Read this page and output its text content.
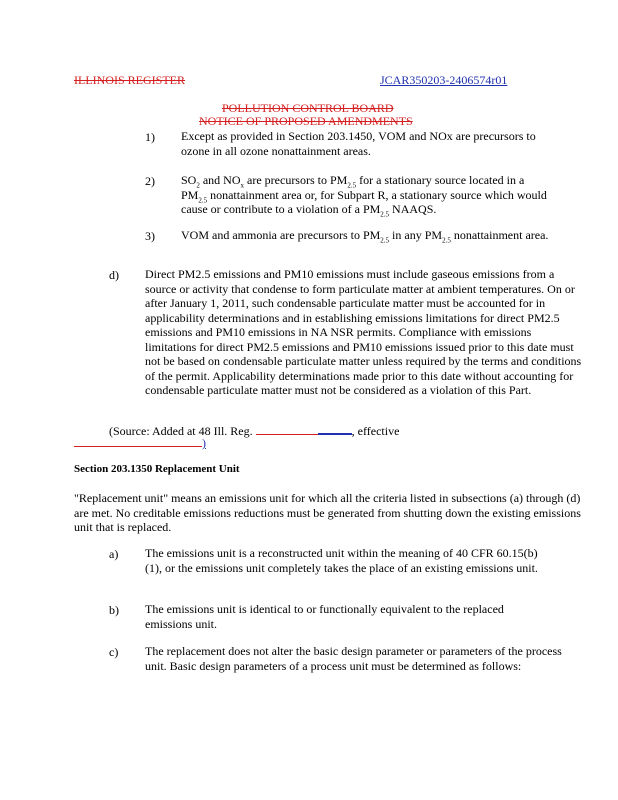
ILLINOIS REGISTER	JCAR350203-2406574r01
POLLUTION CONTROL BOARD
NOTICE OF PROPOSED AMENDMENTS
1) Except as provided in Section 203.1450, VOM and NOx are precursors to ozone in all ozone nonattainment areas.
2) $SO_2$ and $NO_x$ are precursors to $PM_{2.5}$ for a stationary source located in a $PM_{2.5}$ nonattainment area or, for Subpart R, a stationary source which would cause or contribute to a violation of a $PM_{2.5}$ NAAQS.
3) VOM and ammonia are precursors to $PM_{2.5}$ in any $PM_{2.5}$ nonattainment area.
d) Direct PM2.5 emissions and PM10 emissions must include gaseous emissions from a source or activity that condense to form particulate matter at ambient temperatures. On or after January 1, 2011, such condensable particulate matter must be accounted for in applicability determinations and in establishing emissions limitations for direct PM2.5 emissions and PM10 emissions in NA NSR permits. Compliance with emissions limitations for direct PM2.5 emissions and PM10 emissions issued prior to this date must not be based on condensable particulate matter unless required by the terms and conditions of the permit. Applicability determinations made prior to this date without accounting for condensable particulate matter must not be considered as a violation of this Part.
(Source: Added at 48 Ill. Reg.	, effective
)
Section 203.1350 Replacement Unit
"Replacement unit" means an emissions unit for which all the criteria listed in subsections (a) through (d) are met. No creditable emissions reductions must be generated from shutting down the existing emissions unit that is replaced.
a) The emissions unit is a reconstructed unit within the meaning of 40 CFR 60.15(b)(1), or the emissions unit completely takes the place of an existing emissions unit.
b) The emissions unit is identical to or functionally equivalent to the replaced emissions unit.
c) The replacement does not alter the basic design parameter or parameters of the process unit. Basic design parameters of a process unit must be determined as follows:
